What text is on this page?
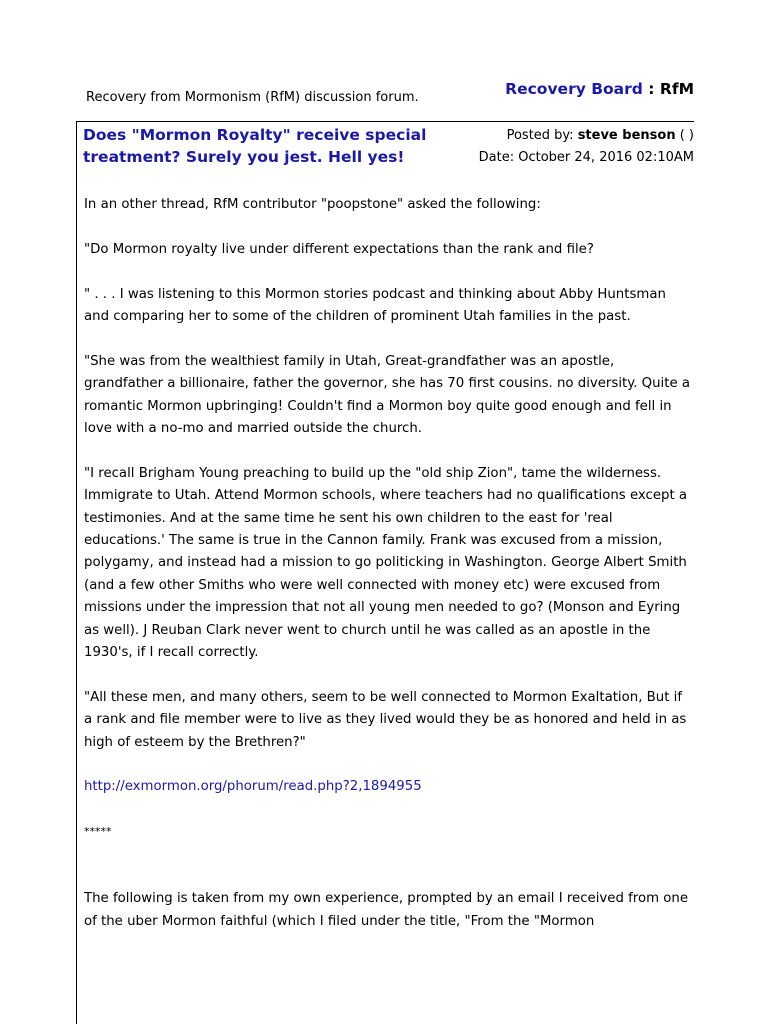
Recovery from Mormonism (RfM) discussion forum.	Recovery Board : RfM
Does "Mormon Royalty" receive special treatment? Surely you jest. Hell yes!
Posted by: steve benson ( )
Date: October 24, 2016 02:10AM

In an other thread, RfM contributor "poopstone" asked the following:

"Do Mormon royalty live under different expectations than the rank and file?

" . . . I was listening to this Mormon stories podcast and thinking about Abby Huntsman and comparing her to some of the children of prominent Utah families in the past.

"She was from the wealthiest family in Utah, Great-grandfather was an apostle, grandfather a billionaire, father the governor, she has 70 first cousins. no diversity. Quite a romantic Mormon upbringing! Couldn't find a Mormon boy quite good enough and fell in love with a no-mo and married outside the church.

"I recall Brigham Young preaching to build up the "old ship Zion", tame the wilderness. Immigrate to Utah. Attend Mormon schools, where teachers had no qualifications except a testimonies. And at the same time he sent his own children to the east for 'real educations.' The same is true in the Cannon family. Frank was excused from a mission, polygamy, and instead had a mission to go politicking in Washington. George Albert Smith (and a few other Smiths who were well connected with money etc) were excused from missions under the impression that not all young men needed to go? (Monson and Eyring as well). J Reuban Clark never went to church until he was called as an apostle in the 1930's, if I recall correctly.

"All these men, and many others, seem to be well connected to Mormon Exaltation, But if a rank and file member were to live as they lived would they be as honored and held in as high of esteem by the Brethren?"

http://exmormon.org/phorum/read.php?2,1894955

*****

The following is taken from my own experience, prompted by an email I received from one of the uber Mormon faithful (which I filed under the title, "From the "Mormon
